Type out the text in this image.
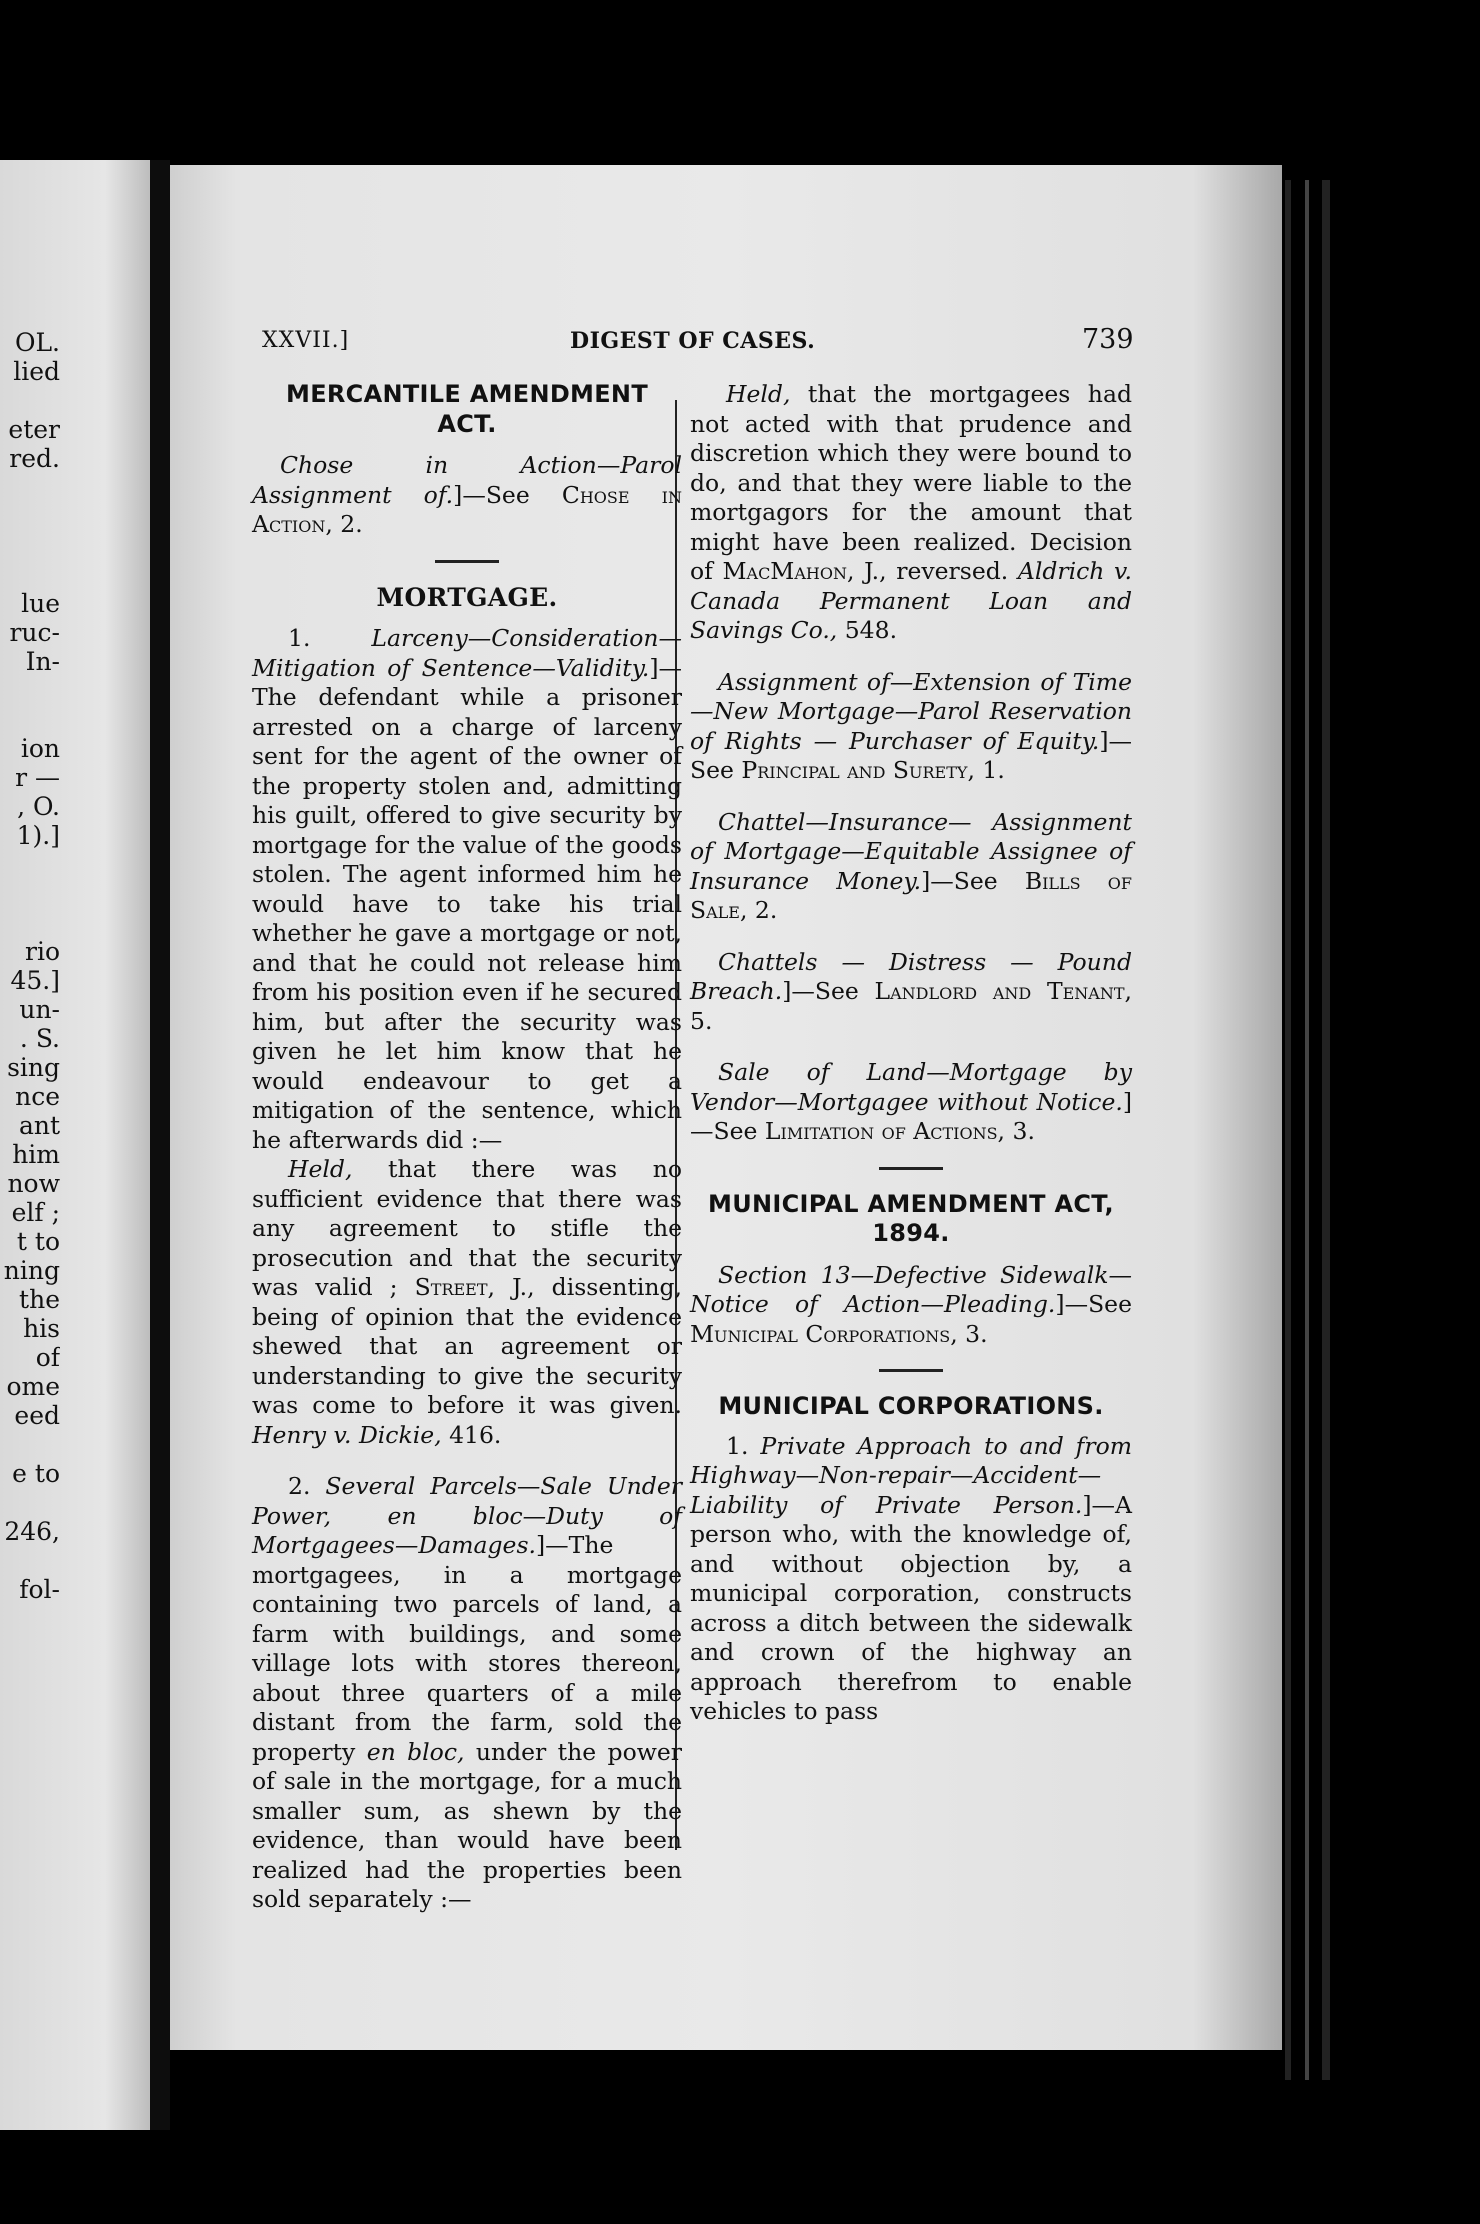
OL.
lied

eter
red.

lue
ruc-
In-

ion
r —
, O.
1).]

rio
45.]
un-
. S.
sing
nce
ant
him
now
elf ;
t to
ning
the
his
of
ome
eed

e to

246,

fol-
XXVII.]	DIGEST OF CASES.	739
MERCANTILE AMENDMENT
ACT.

Chose in Action—Parol Assignment of.]—See Chose in Action, 2.

MORTGAGE.

1. Larceny—Consideration—Mitigation of Sentence—Validity.]—The defendant while a prisoner arrested on a charge of larceny sent for the agent of the owner of the property stolen and, admitting his guilt, offered to give security by mortgage for the value of the goods stolen. The agent informed him he would have to take his trial whether he gave a mortgage or not, and that he could not release him from his position even if he secured him, but after the security was given he let him know that he would endeavour to get a mitigation of the sentence, which he afterwards did :—

Held, that there was no sufficient evidence that there was any agreement to stifle the prosecution and that the security was valid ; Street, J., dissenting, being of opinion that the evidence shewed that an agreement or understanding to give the security was come to before it was given. Henry v. Dickie, 416.

2. Several Parcels—Sale Under Power, en bloc—Duty of Mortgagees—Damages.]—The mortgagees, in a mortgage containing two parcels of land, a farm with buildings, and some village lots with stores thereon, about three quarters of a mile distant from the farm, sold the property en bloc, under the power of sale in the mortgage, for a much smaller sum, as shewn by the evidence, than would have been realized had the properties been sold separately :—

Held, that the mortgagees had not acted with that prudence and discretion which they were bound to do, and that they were liable to the mortgagors for the amount that might have been realized. Decision of MacMahon, J., reversed. Aldrich v. Canada Permanent Loan and Savings Co., 548.

Assignment of—Extension of Time—New Mortgage—Parol Reservation of Rights — Purchaser of Equity.]—See Principal and Surety, 1.

Chattel—Insurance— Assignment of Mortgage—Equitable Assignee of Insurance Money.]—See Bills of Sale, 2.

Chattels — Distress — Pound Breach.]—See Landlord and Tenant, 5.

Sale of Land—Mortgage by Vendor—Mortgagee without Notice.]—See Limitation of Actions, 3.

MUNICIPAL AMENDMENT ACT,
1894.

Section 13—Defective Sidewalk—Notice of Action—Pleading.]—See Municipal Corporations, 3.

MUNICIPAL CORPORATIONS.

1. Private Approach to and from Highway—Non-repair—Accident—Liability of Private Person.]—A person who, with the knowledge of, and without objection by, a municipal corporation, constructs across a ditch between the sidewalk and crown of the highway an approach therefrom to enable vehicles to pass
